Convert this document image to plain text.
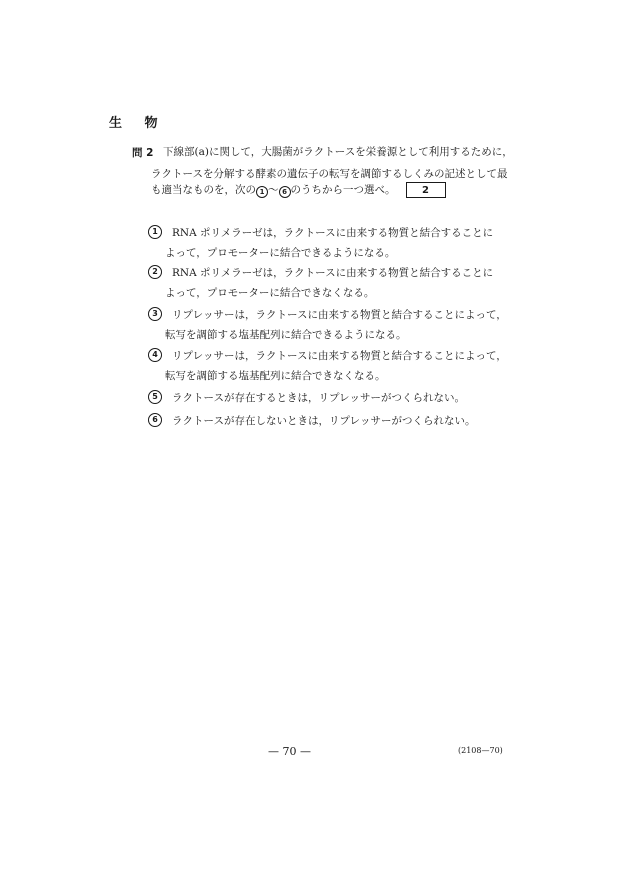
生 物
問 2 下線部(a)に関して，大腸菌がラクトースを栄養源として利用するために，
ラクトースを分解する酵素の遺伝子の転写を調節するしくみの記述として最
も適当なものを，次の 1 ～ 6 のうちから一つ選べ。	2
1	RNA ポリメラーゼは，ラクトースに由来する物質と結合することに
よって，プロモーターに結合できるようになる。
2	RNA ポリメラーゼは，ラクトースに由来する物質と結合することに
よって，プロモーターに結合できなくなる。
3	リプレッサーは，ラクトースに由来する物質と結合することによって，
転写を調節する塩基配列に結合できるようになる。
4	リプレッサーは，ラクトースに由来する物質と結合することによって，
転写を調節する塩基配列に結合できなくなる。
5	ラクトースが存在するときは，リプレッサーがつくられない。
6	ラクトースが存在しないときは，リプレッサーがつくられない。
— 70 —	(2108—70)
